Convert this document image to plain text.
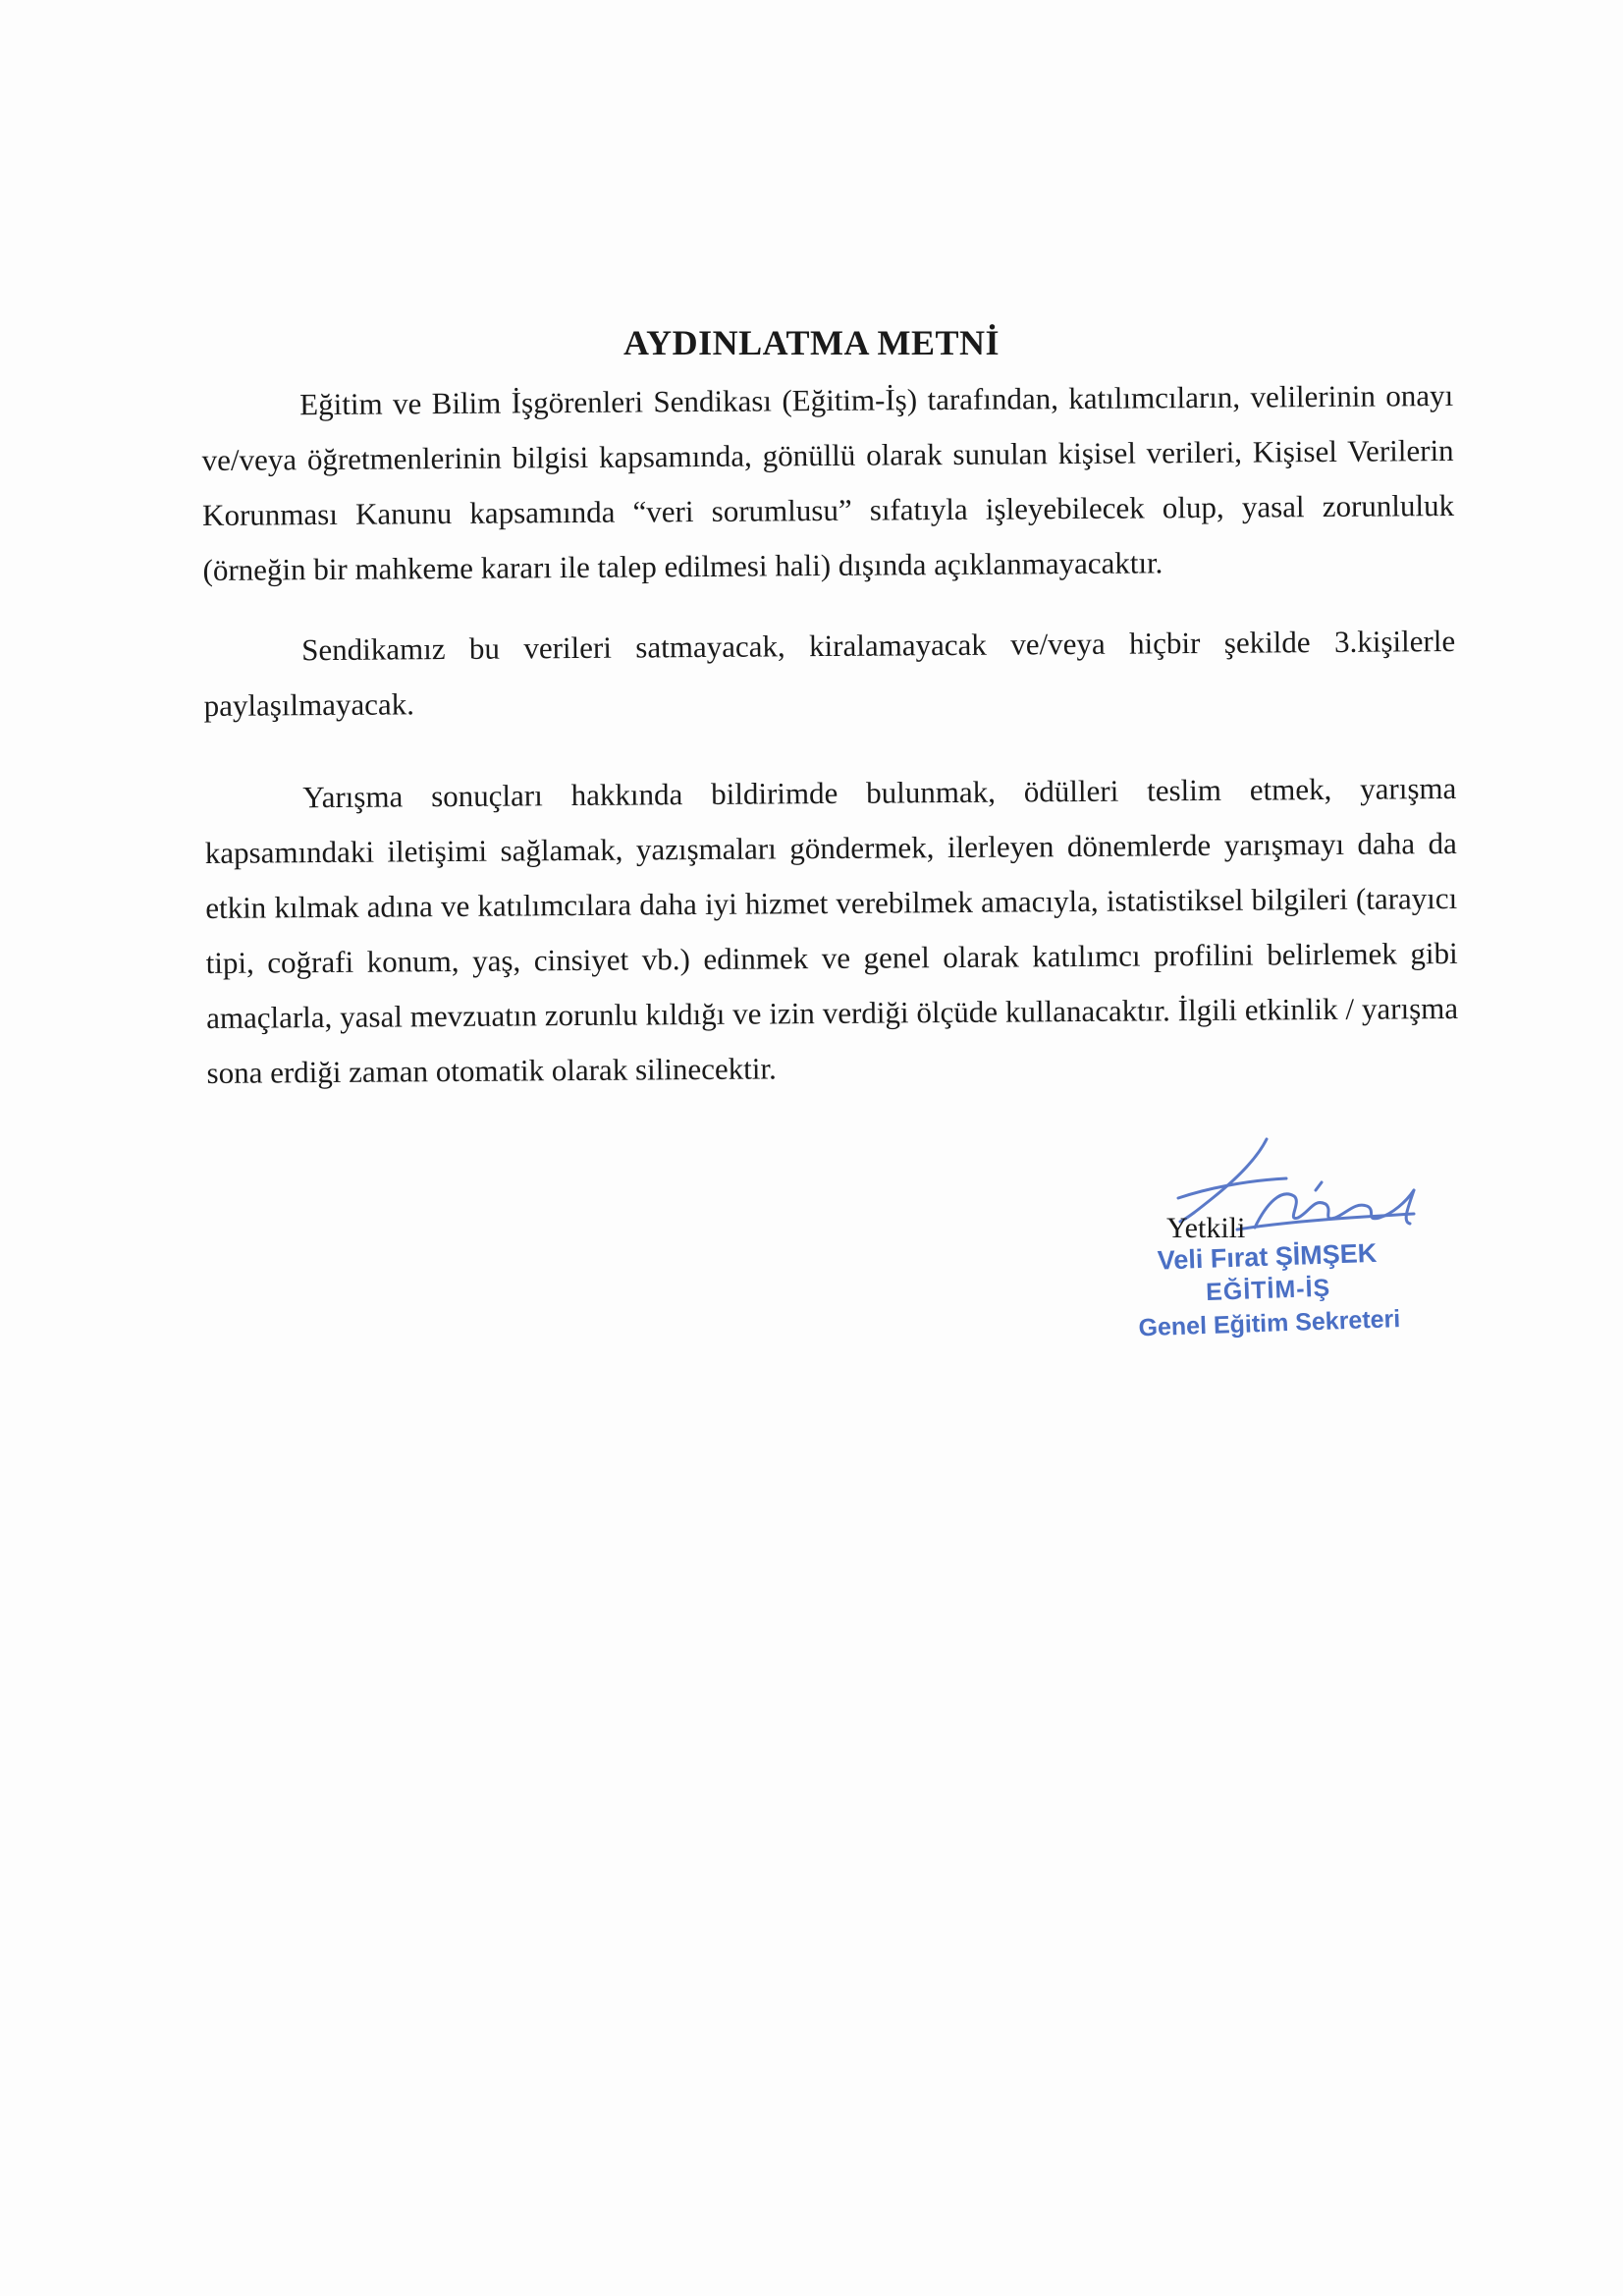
AYDINLATMA METNİ

Eğitim ve Bilim İşgörenleri Sendikası (Eğitim-İş) tarafından, katılımcıların, velilerinin onayı ve/veya öğretmenlerinin bilgisi kapsamında, gönüllü olarak sunulan kişisel verileri, Kişisel Verilerin Korunması Kanunu kapsamında “veri sorumlusu” sıfatıyla işleyebilecek olup, yasal zorunluluk (örneğin bir mahkeme kararı ile talep edilmesi hali) dışında açıklanmayacaktır.

Sendikamız bu verileri satmayacak, kiralamayacak ve/veya hiçbir şekilde 3.kişilerle paylaşılmayacak.

Yarışma sonuçları hakkında bildirimde bulunmak, ödülleri teslim etmek, yarışma kapsamındaki iletişimi sağlamak, yazışmaları göndermek, ilerleyen dönemlerde yarışmayı daha da etkin kılmak adına ve katılımcılara daha iyi hizmet verebilmek amacıyla, istatistiksel bilgileri (tarayıcı tipi, coğrafi konum, yaş, cinsiyet vb.) edinmek ve genel olarak katılımcı profilini belirlemek gibi amaçlarla, yasal mevzuatın zorunlu kıldığı ve izin verdiği ölçüde kullanacaktır. İlgili etkinlik / yarışma sona erdiği zaman otomatik olarak silinecektir.

Yetkili
Veli Fırat ŞİMŞEK
EĞİTİM-İŞ
Genel Eğitim Sekreteri
